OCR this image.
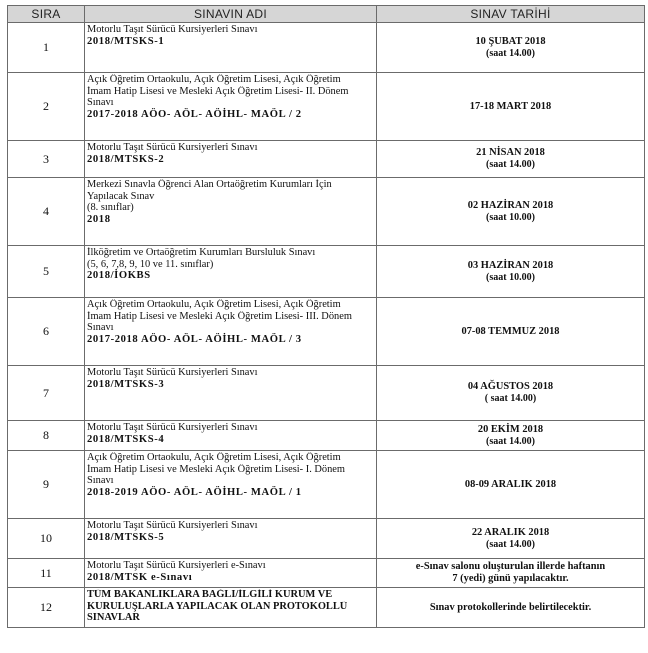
SIRA	SINAVIN ADI	SINAV TARİHİ
1	Motorlu Taşıt Sürücü Kursiyerleri Sınavı
2018/MTSKS-1	10 ŞUBAT 2018
(saat 14.00)

2	Açık Öğretim Ortaokulu, Açık Öğretim Lisesi, Açık Öğretim
İmam Hatip Lisesi ve Mesleki Açık Öğretim Lisesi- II. Dönem
Sınavı
2017-2018 AÖO- AÖL- AÖİHL- MAÖL / 2	17-18 MART 2018

3	Motorlu Taşıt Sürücü Kursiyerleri Sınavı
2018/MTSKS-2	21 NİSAN 2018
(saat 14.00)

4	Merkezi Sınavla Öğrenci Alan Ortaöğretim Kurumları İçin
Yapılacak Sınav
(8. sınıflar)
2018	02 HAZİRAN 2018
(saat 10.00)

5	İlköğretim ve Ortaöğretim Kurumları Bursluluk Sınavı
(5, 6, 7,8, 9, 10 ve 11. sınıflar)
2018/İOKBS	03 HAZİRAN 2018
(saat 10.00)

6	Açık Öğretim Ortaokulu, Açık Öğretim Lisesi, Açık Öğretim
İmam Hatip Lisesi ve Mesleki Açık Öğretim Lisesi- III. Dönem
Sınavı
2017-2018 AÖO- AÖL- AÖİHL- MAÖL / 3	07-08 TEMMUZ 2018

7	Motorlu Taşıt Sürücü Kursiyerleri Sınavı
2018/MTSKS-3	04 AĞUSTOS 2018
( saat 14.00)

8	Motorlu Taşıt Sürücü Kursiyerleri Sınavı
2018/MTSKS-4	20 EKİM 2018
(saat 14.00)

9	Açık Öğretim Ortaokulu, Açık Öğretim Lisesi, Açık Öğretim
İmam Hatip Lisesi ve Mesleki Açık Öğretim Lisesi- I. Dönem
Sınavı
2018-2019 AÖO- AÖL- AÖİHL- MAÖL / 1	08-09 ARALIK 2018

10	Motorlu Taşıt Sürücü Kursiyerleri Sınavı
2018/MTSKS-5	22 ARALIK 2018
(saat 14.00)

11	Motorlu Taşıt Sürücü Kursiyerleri e-Sınavı
2018/MTSK e-Sınavı	e-Sınav salonu oluşturulan illerde haftanın
7 (yedi) günü yapılacaktır.

12	TÜM BAKANLIKLARA BAĞLI/İLGİLİ KURUM VE
KURULUŞLARLA YAPILACAK OLAN PROTOKOLLÜ
SINAVLAR	Sınav protokollerinde belirtilecektir.
